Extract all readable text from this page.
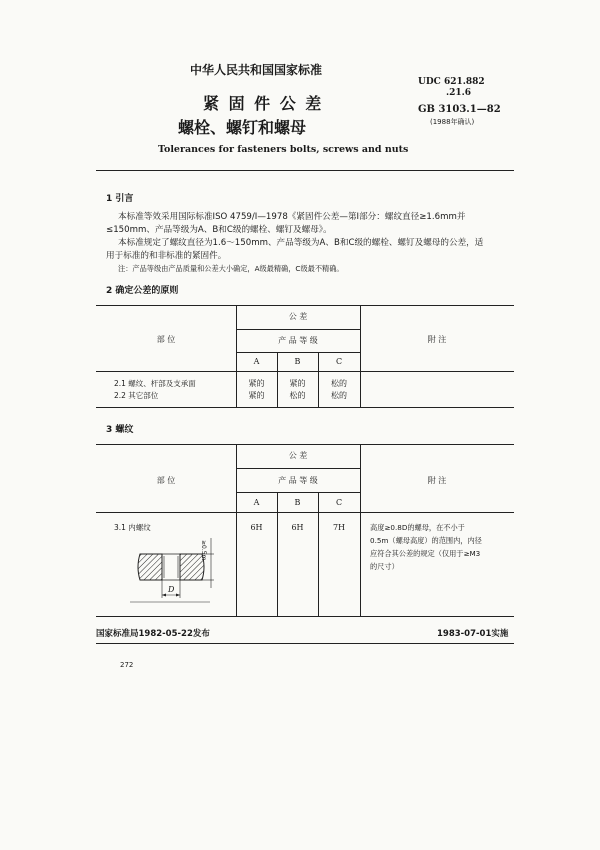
中华人民共和国国家标准
UDC 621.882
.21.6
GB 3103.1—82
(1988年确认)
紧 固 件 公 差
螺栓、螺钉和螺母
Tolerances for fasteners bolts, screws and nuts
1 引言
本标准等效采用国际标准ISO 4759/Ⅰ—1978《紧固件公差—第Ⅰ部分：螺纹直径≥1.6mm并
≤150mm、产品等级为A、B和C级的螺栓、螺钉及螺母》。
本标准规定了螺纹直径为1.6～150mm、产品等级为A、B和C级的螺栓、螺钉及螺母的公差，适
用于标准的和非标准的紧固件。
注：产品等级由产品质量和公差大小确定，A级最精确，C级最不精确。
2 确定公差的原则
部 位
公 差
产 品 等 级	附 注
A	B	C
2.1 螺纹、杆部及支承面	紧的	紧的	松的
2.2 其它部位	紧的	松的	松的
3 螺纹
部 位
公 差
产 品 等 级	附 注
A	B	C
3.1 内螺纹	6H	6H	7H	高度≥0.8D的螺母，在不小于
0.5m（螺母高度）的范围内，内径
应符合其公差的规定（仅用于≥M3
的尺寸）
D
≥0.5m
国家标准局1982-05-22发布	1983-07-01实施
272
